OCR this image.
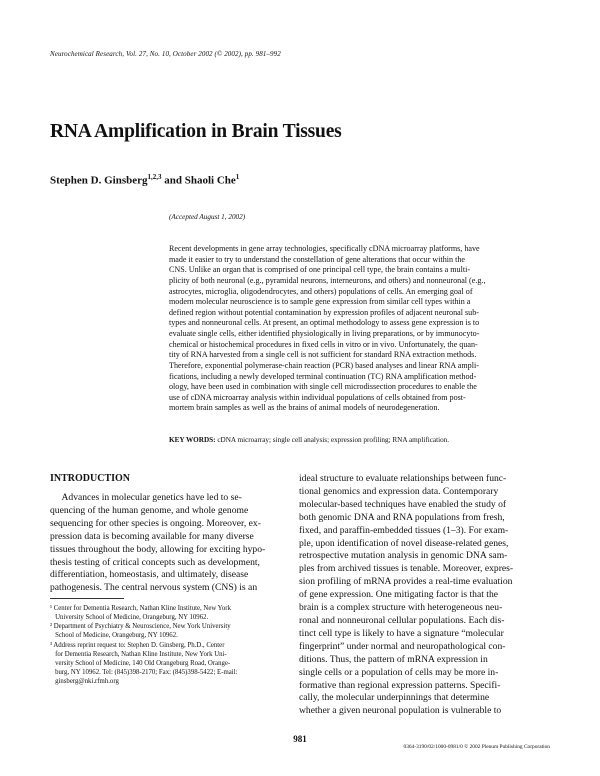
Neurochemical Research, Vol. 27, No. 10, October 2002 (© 2002), pp. 981–992
RNA Amplification in Brain Tissues
Stephen D. Ginsberg$^{1,2,3}$ and Shaoli Che$^1$
(Accepted August 1, 2002)
Recent developments in gene array technologies, specifically cDNA microarray platforms, have
made it easier to try to understand the constellation of gene alterations that occur within the
CNS. Unlike an organ that is comprised of one principal cell type, the brain contains a multi-
plicity of both neuronal (e.g., pyramidal neurons, interneurons, and others) and nonneuronal (e.g.,
astrocytes, microglia, oligodendrocytes, and others) populations of cells. An emerging goal of
modern molecular neuroscience is to sample gene expression from similar cell types within a
defined region without potential contamination by expression profiles of adjacent neuronal sub-
types and nonneuronal cells. At present, an optimal methodology to assess gene expression is to
evaluate single cells, either identified physiologically in living preparations, or by immunocyto-
chemical or histochemical procedures in fixed cells in vitro or in vivo. Unfortunately, the quan-
tity of RNA harvested from a single cell is not sufficient for standard RNA extraction methods.
Therefore, exponential polymerase-chain reaction (PCR) based analyses and linear RNA ampli-
fications, including a newly developed terminal continuation (TC) RNA amplification method-
ology, have been used in combination with single cell microdissection procedures to enable the
use of cDNA microarray analysis within individual populations of cells obtained from post-
mortem brain samples as well as the brains of animal models of neurodegeneration.
KEY WORDS: cDNA microarray; single cell analysis; expression profiling; RNA amplification.
INTRODUCTION
Advances in molecular genetics have led to se-
quencing of the human genome, and whole genome
sequencing for other species is ongoing. Moreover, ex-
pression data is becoming available for many diverse
tissues throughout the body, allowing for exciting hypo-
thesis testing of critical concepts such as development,
differentiation, homeostasis, and ultimately, disease
pathogenesis. The central nervous system (CNS) is an
¹ Center for Dementia Research, Nathan Kline Institute, New York
University School of Medicine, Orangeburg, NY 10962.
² Department of Psychiatry & Neuroscience, New York University
School of Medicine, Orangeburg, NY 10962.
³ Address reprint request to: Stephen D. Ginsberg, Ph.D., Center
for Dementia Research, Nathan Kline Institute, New York Uni-
versity School of Medicine, 140 Old Orangeburg Road, Orange-
burg, NY 10962. Tel: (845)398-2170; Fax: (845)398-5422; E-mail:
ginsberg@nki.rfmh.org
ideal structure to evaluate relationships between func-
tional genomics and expression data. Contemporary
molecular-based techniques have enabled the study of
both genomic DNA and RNA populations from fresh,
fixed, and paraffin-embedded tissues (1–3). For exam-
ple, upon identification of novel disease-related genes,
retrospective mutation analysis in genomic DNA sam-
ples from archived tissues is tenable. Moreover, expres-
sion profiling of mRNA provides a real-time evaluation
of gene expression. One mitigating factor is that the
brain is a complex structure with heterogeneous neu-
ronal and nonneuronal cellular populations. Each dis-
tinct cell type is likely to have a signature “molecular
fingerprint” under normal and neuropathological con-
ditions. Thus, the pattern of mRNA expression in
single cells or a population of cells may be more in-
formative than regional expression patterns. Specifi-
cally, the molecular underpinnings that determine
whether a given neuronal population is vulnerable to
981
0364-3190/02/1000-0981/0 © 2002 Plenum Publishing Corporation
